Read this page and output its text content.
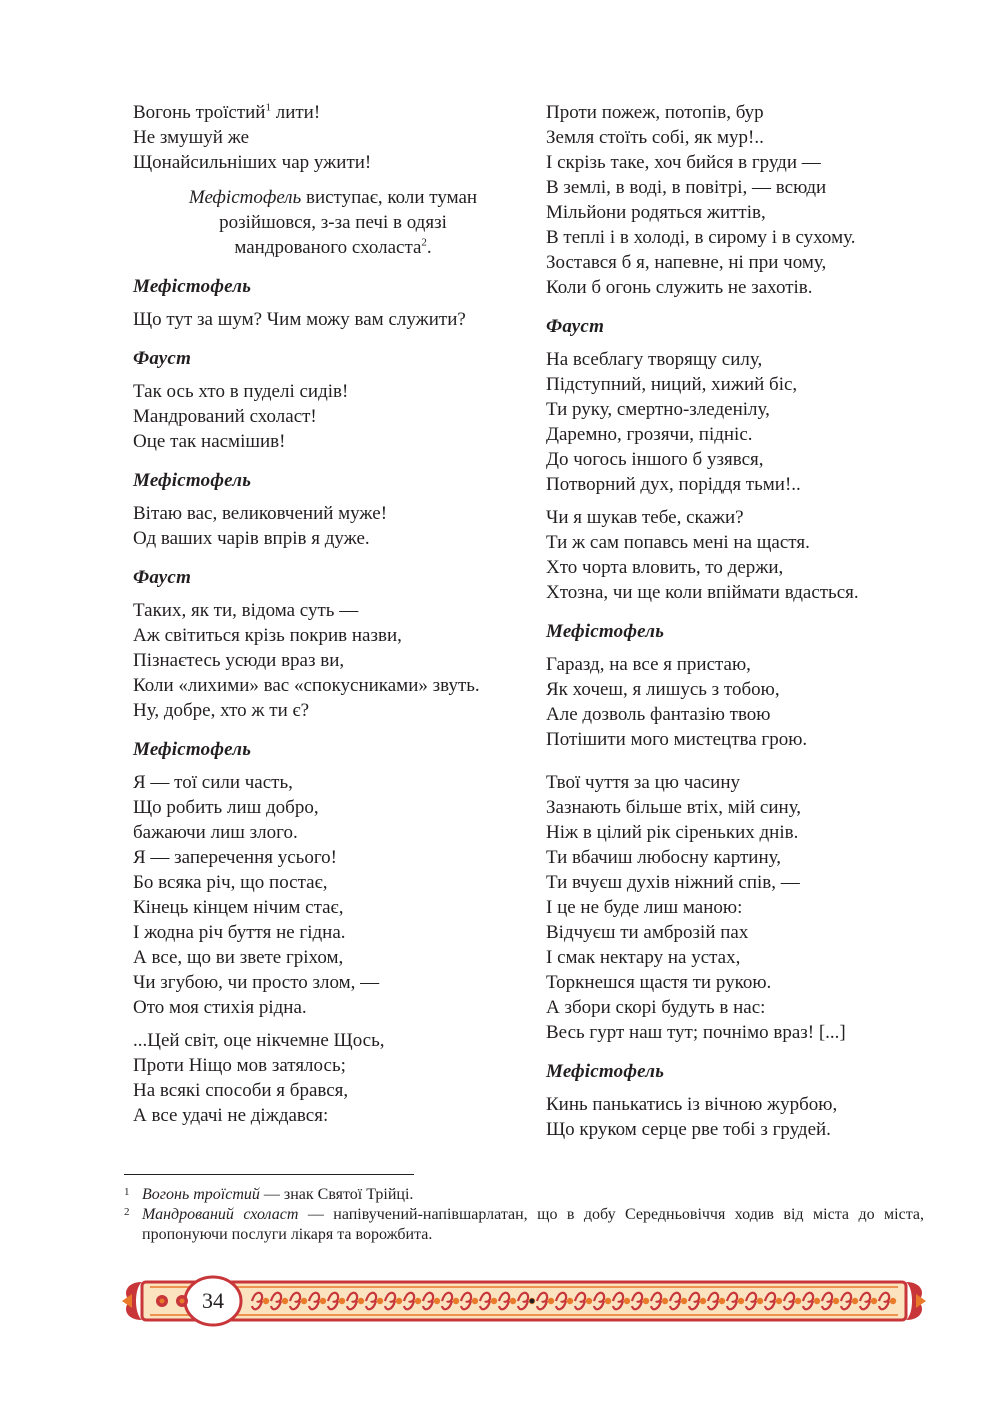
Вогонь троїстий$^1$ лити!
Не змушуй же
Щонайсильніших чар ужити!
Мефістофель виступає, коли туман
розійшовся, з-за печі в одязі
мандрованого схоласта$^2$.
Мефістофель
Що тут за шум? Чим можу вам служити?
Фауст
Так ось хто в пуделі сидів!
Мандрований схоласт!
Оце так насмішив!
Мефістофель
Вітаю вас, великовчений муже!
Од ваших чарів впрів я дуже.
Фауст
Таких, як ти, відома суть —
Аж світиться крізь покрив назви,
Пізнаєтесь усюди враз ви,
Коли «лихими» вас «спокусниками» звуть.
Ну, добре, хто ж ти є?
Мефістофель
Я — тої сили часть,
Що робить лиш добро,
бажаючи лиш злого.
Я — заперечення усього!
Бо всяка річ, що постає,
Кінець кінцем нічим стає,
І жодна річ буття не гідна.
А все, що ви звете гріхом,
Чи згубою, чи просто злом, —
Ото моя стихія рідна.
...Цей світ, оце нікчемне Щось,
Проти Ніщо мов затялось;
На всякі способи я брався,
А все удачі не діждався:
Проти пожеж, потопів, бур
Земля стоїть собі, як мур!..
І скрізь таке, хоч бийся в груди —
В землі, в воді, в повітрі, — всюди
Мільйони родяться життів,
В теплі і в холоді, в сирому і в сухому.
Зостався б я, напевне, ні при чому,
Коли б огонь служить не захотів.
Фауст
На всеблагу творящу силу,
Підступний, ниций, хижий біс,
Ти руку, смертно-зледенілу,
Даремно, грозячи, підніс.
До чогось іншого б узявся,
Потворний дух, поріддя тьми!..
Чи я шукав тебе, скажи?
Ти ж сам попавсь мені на щастя.
Хто чорта вловить, то держи,
Хтозна, чи ще коли впіймати вдасться.
Мефістофель
Гаразд, на все я пристаю,
Як хочеш, я лишусь з тобою,
Але дозволь фантазію твою
Потішити мого мистецтва грою.
Твої чуття за цю часину
Зазнають більше втіх, мій сину,
Ніж в цілий рік сіреньких днів.
Ти вбачиш любосну картину,
Ти вчуєш духів ніжний спів, —
І це не буде лиш маною:
Відчуєш ти амброзій пах
І смак нектару на устах,
Торкнешся щастя ти рукою.
А збори скорі будуть в нас:
Весь гурт наш тут; почнімо враз! [...]
Мефістофель
Кинь панькатись із вічною журбою,
Що круком серце рве тобі з грудей.
1 Вогонь троїстий — знак Святої Трійці.
2 Мандрований схоласт — напівучений-напівшарлатан, що в добу Середньовіччя ходив від міста до міста, пропонуючи послуги лікаря та ворожбита.
34
